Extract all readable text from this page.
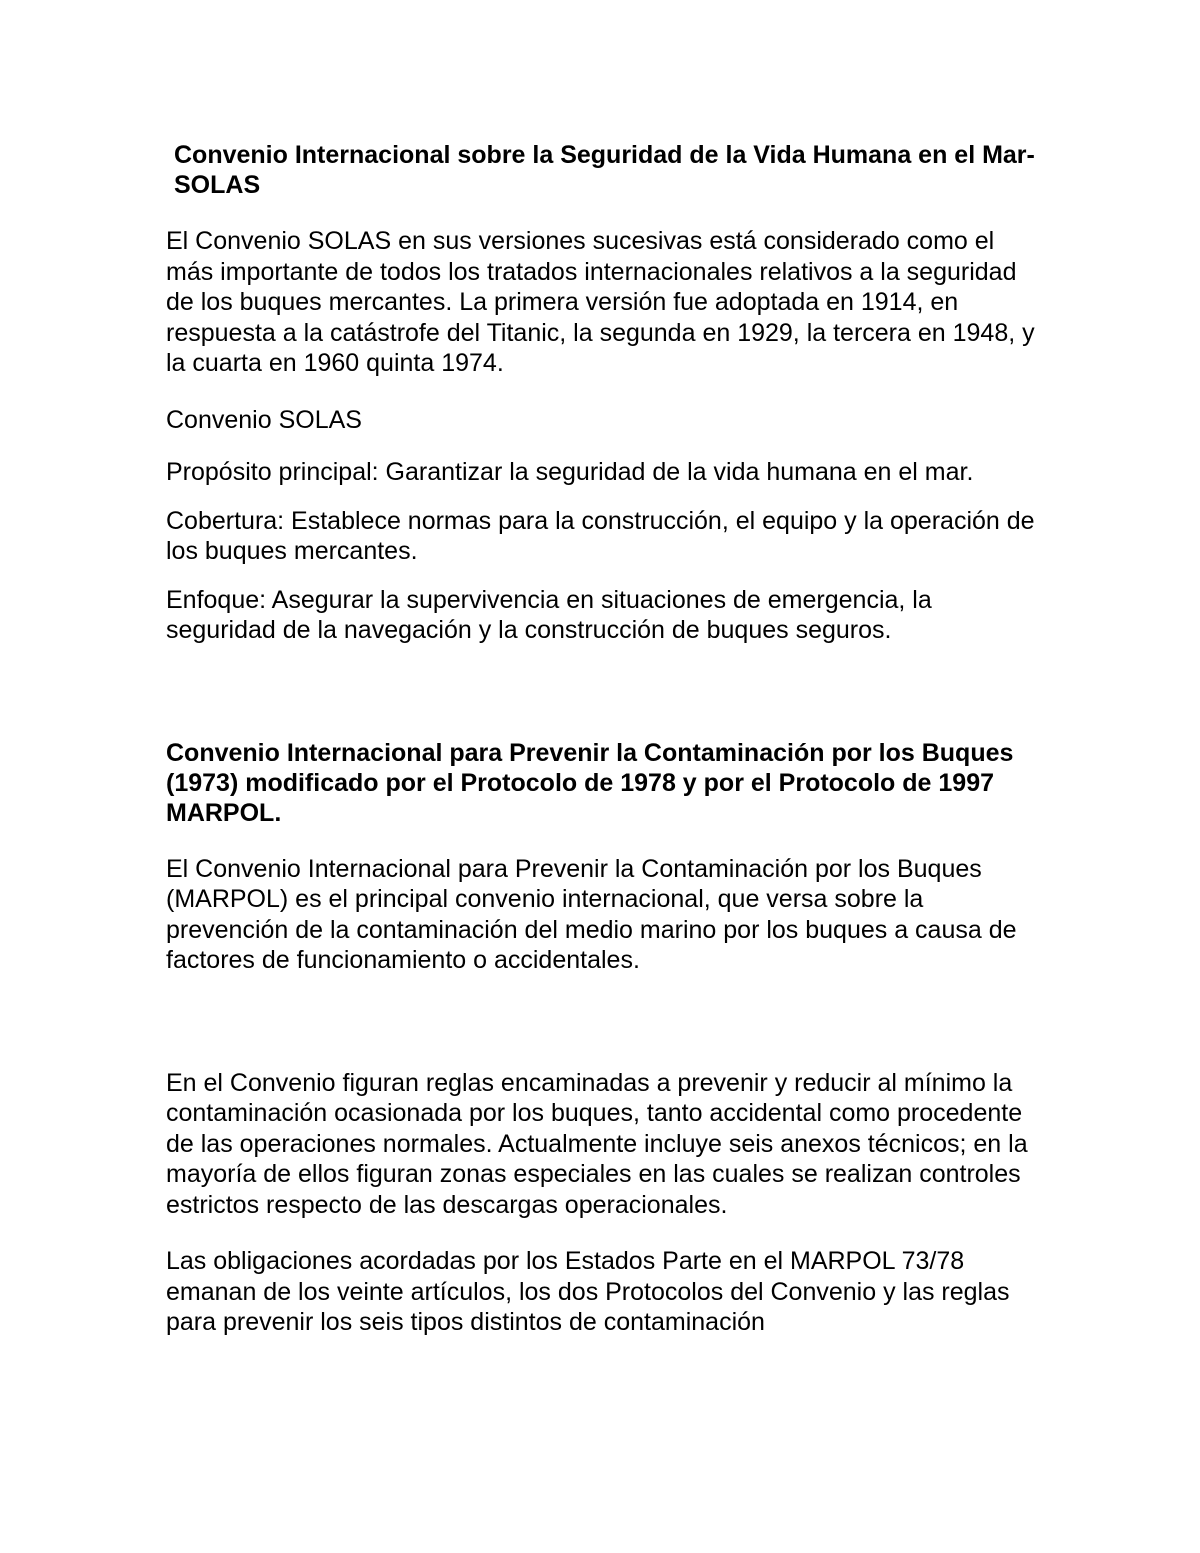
Convenio Internacional sobre la Seguridad de la Vida Humana en el Mar- SOLAS

El Convenio SOLAS en sus versiones sucesivas está considerado como el más importante de todos los tratados internacionales relativos a la seguridad de los buques mercantes. La primera versión fue adoptada en 1914, en respuesta a la catástrofe del Titanic, la segunda en 1929, la tercera en 1948, y la cuarta en 1960 quinta 1974.

Convenio SOLAS

Propósito principal: Garantizar la seguridad de la vida humana en el mar.

Cobertura: Establece normas para la construcción, el equipo y la operación de los buques mercantes.

Enfoque: Asegurar la supervivencia en situaciones de emergencia, la seguridad de la navegación y la construcción de buques seguros.

Convenio Internacional para Prevenir la Contaminación por los Buques (1973) modificado por el Protocolo de 1978 y por el Protocolo de 1997 MARPOL.

El Convenio Internacional para Prevenir la Contaminación por los Buques (MARPOL) es el principal convenio internacional, que versa sobre la prevención de la contaminación del medio marino por los buques a causa de factores de funcionamiento o accidentales.

En el Convenio figuran reglas encaminadas a prevenir y reducir al mínimo la contaminación ocasionada por los buques, tanto accidental como procedente de las operaciones normales. Actualmente incluye seis anexos técnicos; en la mayoría de ellos figuran zonas especiales en las cuales se realizan controles estrictos respecto de las descargas operacionales.

Las obligaciones acordadas por los Estados Parte en el MARPOL 73/78 emanan de los veinte artículos, los dos Protocolos del Convenio y las reglas para prevenir los seis tipos distintos de contaminación
